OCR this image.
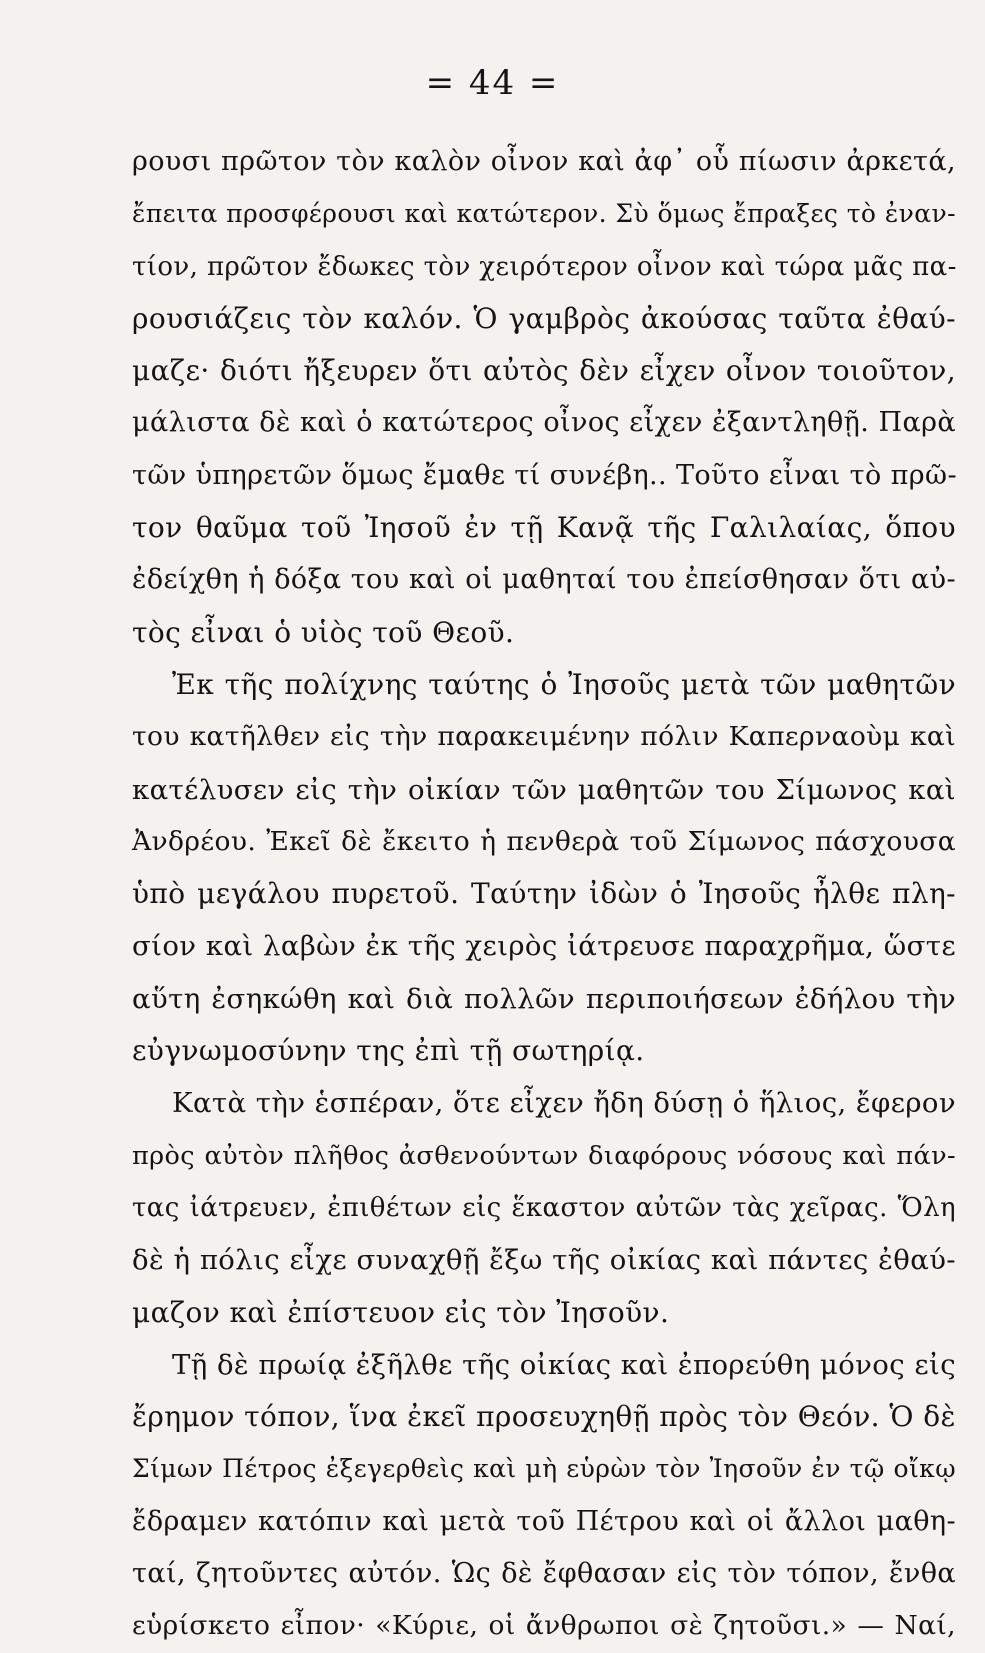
= 44 =

ρουσι πρῶτον τὸν καλὸν οἶνον καὶ ἀφ᾽ οὗ πίωσιν ἀρκετά,
ἔπειτα προσφέρουσι καὶ κατώτερον. Σὺ ὅμως ἔπραξες τὸ ἐναν-
τίον, πρῶτον ἔδωκες τὸν χειρότερον οἶνον καὶ τώρα μᾶς πα-
ρουσιάζεις τὸν καλόν. Ὁ γαμβρὸς ἀκούσας ταῦτα ἐθαύ-
μαζε· διότι ἤξευρεν ὅτι αὐτὸς δὲν εἶχεν οἶνον τοιοῦτον,
μάλιστα δὲ καὶ ὁ κατώτερος οἶνος εἶχεν ἐξαντληθῇ. Παρὰ
τῶν ὑπηρετῶν ὅμως ἔμαθε τί συνέβη.. Τοῦτο εἶναι τὸ πρῶ-
τον θαῦμα τοῦ Ἰησοῦ ἐν τῇ Κανᾷ τῆς Γαλιλαίας, ὅπου
ἐδείχθη ἡ δόξα του καὶ οἱ μαθηταί του ἐπείσθησαν ὅτι αὐ-
τὸς εἶναι ὁ υἱὸς τοῦ Θεοῦ.

Ἐκ τῆς πολίχνης ταύτης ὁ Ἰησοῦς μετὰ τῶν μαθητῶν
του κατῆλθεν εἰς τὴν παρακειμένην πόλιν Καπερναοὺμ καὶ
κατέλυσεν εἰς τὴν οἰκίαν τῶν μαθητῶν του Σίμωνος καὶ
Ἀνδρέου. Ἐκεῖ δὲ ἔκειτο ἡ πενθερὰ τοῦ Σίμωνος πάσχουσα
ὑπὸ μεγάλου πυρετοῦ. Ταύτην ἰδὼν ὁ Ἰησοῦς ἦλθε πλη-
σίον καὶ λαβὼν ἐκ τῆς χειρὸς ἰάτρευσε παραχρῆμα, ὥστε
αὕτη ἐσηκώθη καὶ διὰ πολλῶν περιποιήσεων ἐδήλου τὴν
εὐγνωμοσύνην της ἐπὶ τῇ σωτηρίᾳ.

Κατὰ τὴν ἑσπέραν, ὅτε εἶχεν ἤδη δύσῃ ὁ ἥλιος, ἔφερον
πρὸς αὐτὸν πλῆθος ἀσθενούντων διαφόρους νόσους καὶ πάν-
τας ἰάτρευεν, ἐπιθέτων εἰς ἕκαστον αὐτῶν τὰς χεῖρας. Ὅλη
δὲ ἡ πόλις εἶχε συναχθῇ ἔξω τῆς οἰκίας καὶ πάντες ἐθαύ-
μαζον καὶ ἐπίστευον εἰς τὸν Ἰησοῦν.

Τῇ δὲ πρωίᾳ ἐξῆλθε τῆς οἰκίας καὶ ἐπορεύθη μόνος εἰς
ἔρημον τόπον, ἵνα ἐκεῖ προσευχηθῇ πρὸς τὸν Θεόν. Ὁ δὲ
Σίμων Πέτρος ἐξεγερθεὶς καὶ μὴ εὑρὼν τὸν Ἰησοῦν ἐν τῷ οἴκῳ
ἔδραμεν κατόπιν καὶ μετὰ τοῦ Πέτρου καὶ οἱ ἄλλοι μαθη-
ταί, ζητοῦντες αὐτόν. Ὡς δὲ ἔφθασαν εἰς τὸν τόπον, ἔνθα
εὑρίσκετο εἶπον· «Κύριε, οἱ ἄνθρωποι σὲ ζητοῦσι.» — Ναί,
